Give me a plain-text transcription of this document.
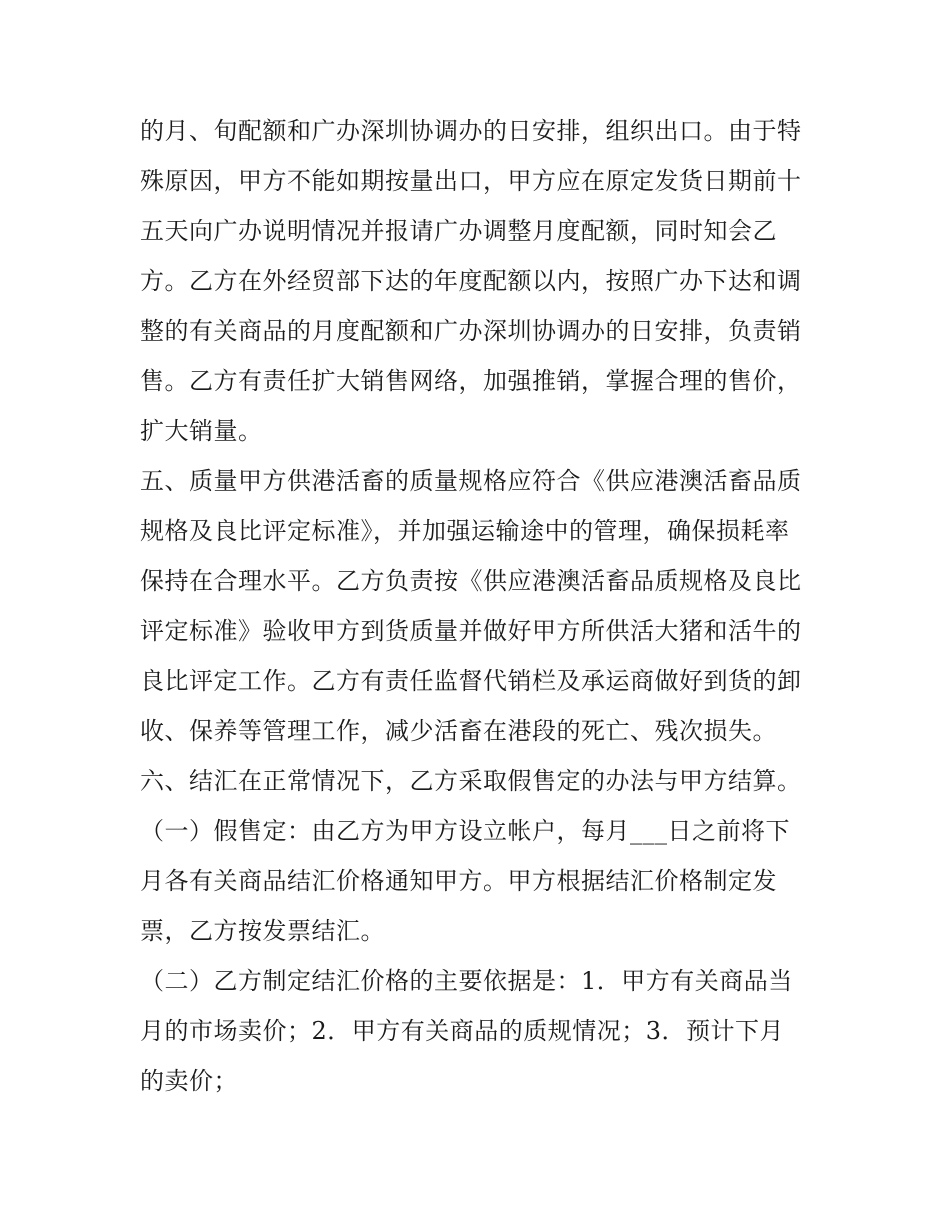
的月、旬配额和广办深圳协调办的日安排，组织出口。由于特
殊原因，甲方不能如期按量出口，甲方应在原定发货日期前十
五天向广办说明情况并报请广办调整月度配额，同时知会乙
方。乙方在外经贸部下达的年度配额以内，按照广办下达和调
整的有关商品的月度配额和广办深圳协调办的日安排，负责销
售。乙方有责任扩大销售网络，加强推销，掌握合理的售价，
扩大销量。
五、质量甲方供港活畜的质量规格应符合《供应港澳活畜品质
规格及良比评定标准》，并加强运输途中的管理，确保损耗率
保持在合理水平。乙方负责按《供应港澳活畜品质规格及良比
评定标准》验收甲方到货质量并做好甲方所供活大猪和活牛的
良比评定工作。乙方有责任监督代销栏及承运商做好到货的卸
收、保养等管理工作，减少活畜在港段的死亡、残次损失。
六、结汇在正常情况下，乙方采取假售定的办法与甲方结算。
（一）假售定：由乙方为甲方设立帐户，每月___日之前将下
月各有关商品结汇价格通知甲方。甲方根据结汇价格制定发
票，乙方按发票结汇。
（二）乙方制定结汇价格的主要依据是：1．甲方有关商品当
月的市场卖价；2．甲方有关商品的质规情况；3．预计下月
的卖价；
